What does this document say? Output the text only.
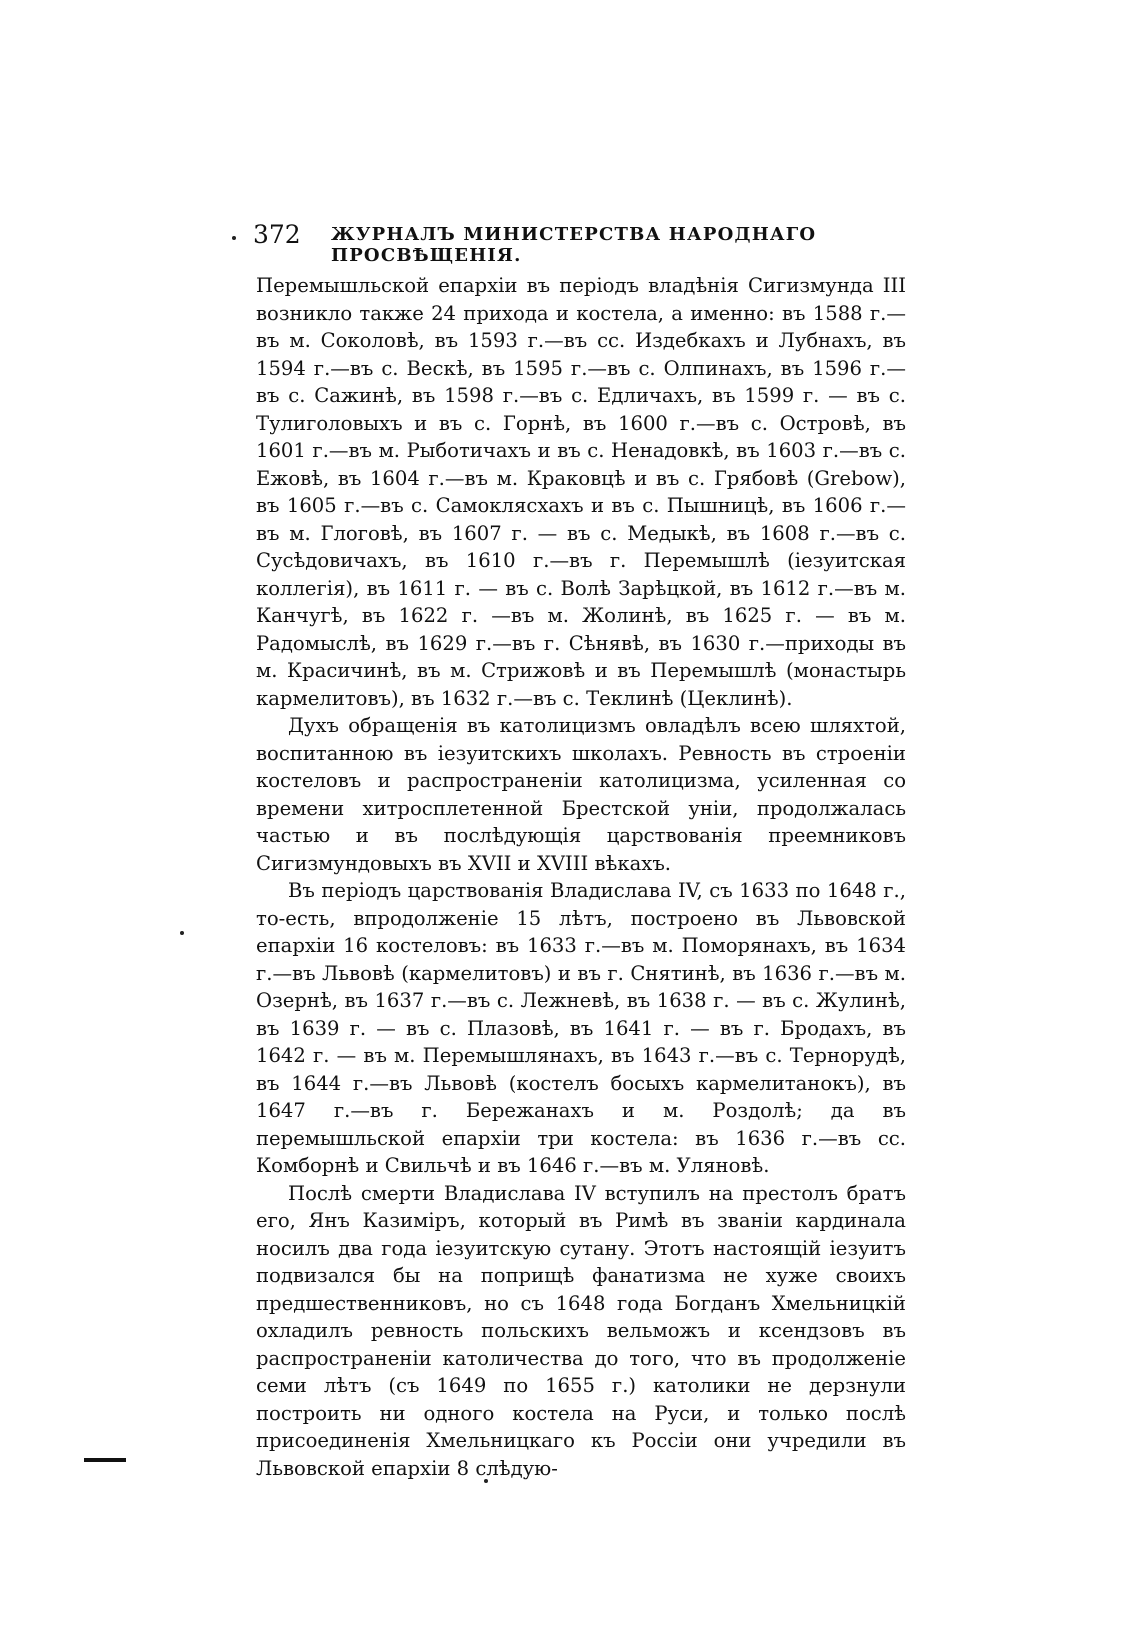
372 ЖУРНАЛЪ МИНИСТЕРСТВА НАРОДНАГО ПРОСВѢЩЕНІЯ.

Перемышльской епархіи въ періодъ владѣнія Сигизмунда III возникло также 24 прихода и костела, а именно: въ 1588 г.—въ м. Соколовѣ, въ 1593 г.—въ сс. Издебкахъ и Лубнахъ, въ 1594 г.—въ с. Вескѣ, въ 1595 г.—въ с. Олпинахъ, въ 1596 г.—въ с. Сажинѣ, въ 1598 г.—въ с. Едличахъ, въ 1599 г. — въ с. Тулиголовыхъ и въ с. Горнѣ, въ 1600 г.—въ с. Островѣ, въ 1601 г.—въ м. Рыботичахъ и въ с. Ненадовкѣ, въ 1603 г.—въ с. Ежовѣ, въ 1604 г.—въ м. Краковцѣ и въ с. Грябовѣ (Grebow), въ 1605 г.—въ с. Самоклясхахъ и въ с. Пышницѣ, въ 1606 г.—въ м. Глоговѣ, въ 1607 г. — въ с. Медыкѣ, въ 1608 г.—въ с. Сусѣдовичахъ, въ 1610 г.—въ г. Перемышлѣ (іезуитская коллегія), въ 1611 г. — въ с. Волѣ Зарѣцкой, въ 1612 г.—въ м. Канчугѣ, въ 1622 г. —въ м. Жолинѣ, въ 1625 г. — въ м. Радомыслѣ, въ 1629 г.—въ г. Сѣнявѣ, въ 1630 г.—приходы въ м. Красичинѣ, въ м. Стрижовѣ и въ Перемышлѣ (монастырь кармелитовъ), въ 1632 г.—въ с. Теклинѣ (Цеклинѣ).

Духъ обращенія въ католицизмъ овладѣлъ всею шляхтой, воспитанною въ іезуитскихъ школахъ. Ревность въ строеніи костеловъ и распространеніи католицизма, усиленная со времени хитросплетенной Брестской уніи, продолжалась частью и въ послѣдующія царствованія преемниковъ Сигизмундовыхъ въ XVII и XVIII вѣкахъ.

Въ періодъ царствованія Владислава IV, съ 1633 по 1648 г., то-есть, впродолженіе 15 лѣтъ, построено въ Львовской епархіи 16 костеловъ: въ 1633 г.—въ м. Поморянахъ, въ 1634 г.—въ Львовѣ (кармелитовъ) и въ г. Снятинѣ, въ 1636 г.—въ м. Озернѣ, въ 1637 г.—въ с. Лежневѣ, въ 1638 г. — въ с. Жулинѣ, въ 1639 г. — въ с. Плазовѣ, въ 1641 г. — въ г. Бродахъ, въ 1642 г. — въ м. Перемышлянахъ, въ 1643 г.—въ с. Тернорудѣ, въ 1644 г.—въ Львовѣ (костелъ босыхъ кармелитанокъ), въ 1647 г.—въ г. Бережанахъ и м. Роздолѣ; да въ перемышльской епархіи три костела: въ 1636 г.—въ сс. Комборнѣ и Свильчѣ и въ 1646 г.—въ м. Уляновѣ.

Послѣ смерти Владислава IV вступилъ на престолъ братъ его, Янъ Казиміръ, который въ Римѣ въ званіи кардинала носилъ два года іезуитскую сутану. Этотъ настоящій іезуитъ подвизался бы на поприщѣ фанатизма не хуже своихъ предшественниковъ, но съ 1648 года Богданъ Хмельницкій охладилъ ревность польскихъ вельможъ и ксендзовъ въ распространеніи католичества до того, что въ продолженіе семи лѣтъ (съ 1649 по 1655 г.) католики не дерзнули построить ни одного костела на Руси, и только послѣ присоединенія Хмельницкаго къ Россіи они учредили въ Львовской епархіи 8 слѣдую-
